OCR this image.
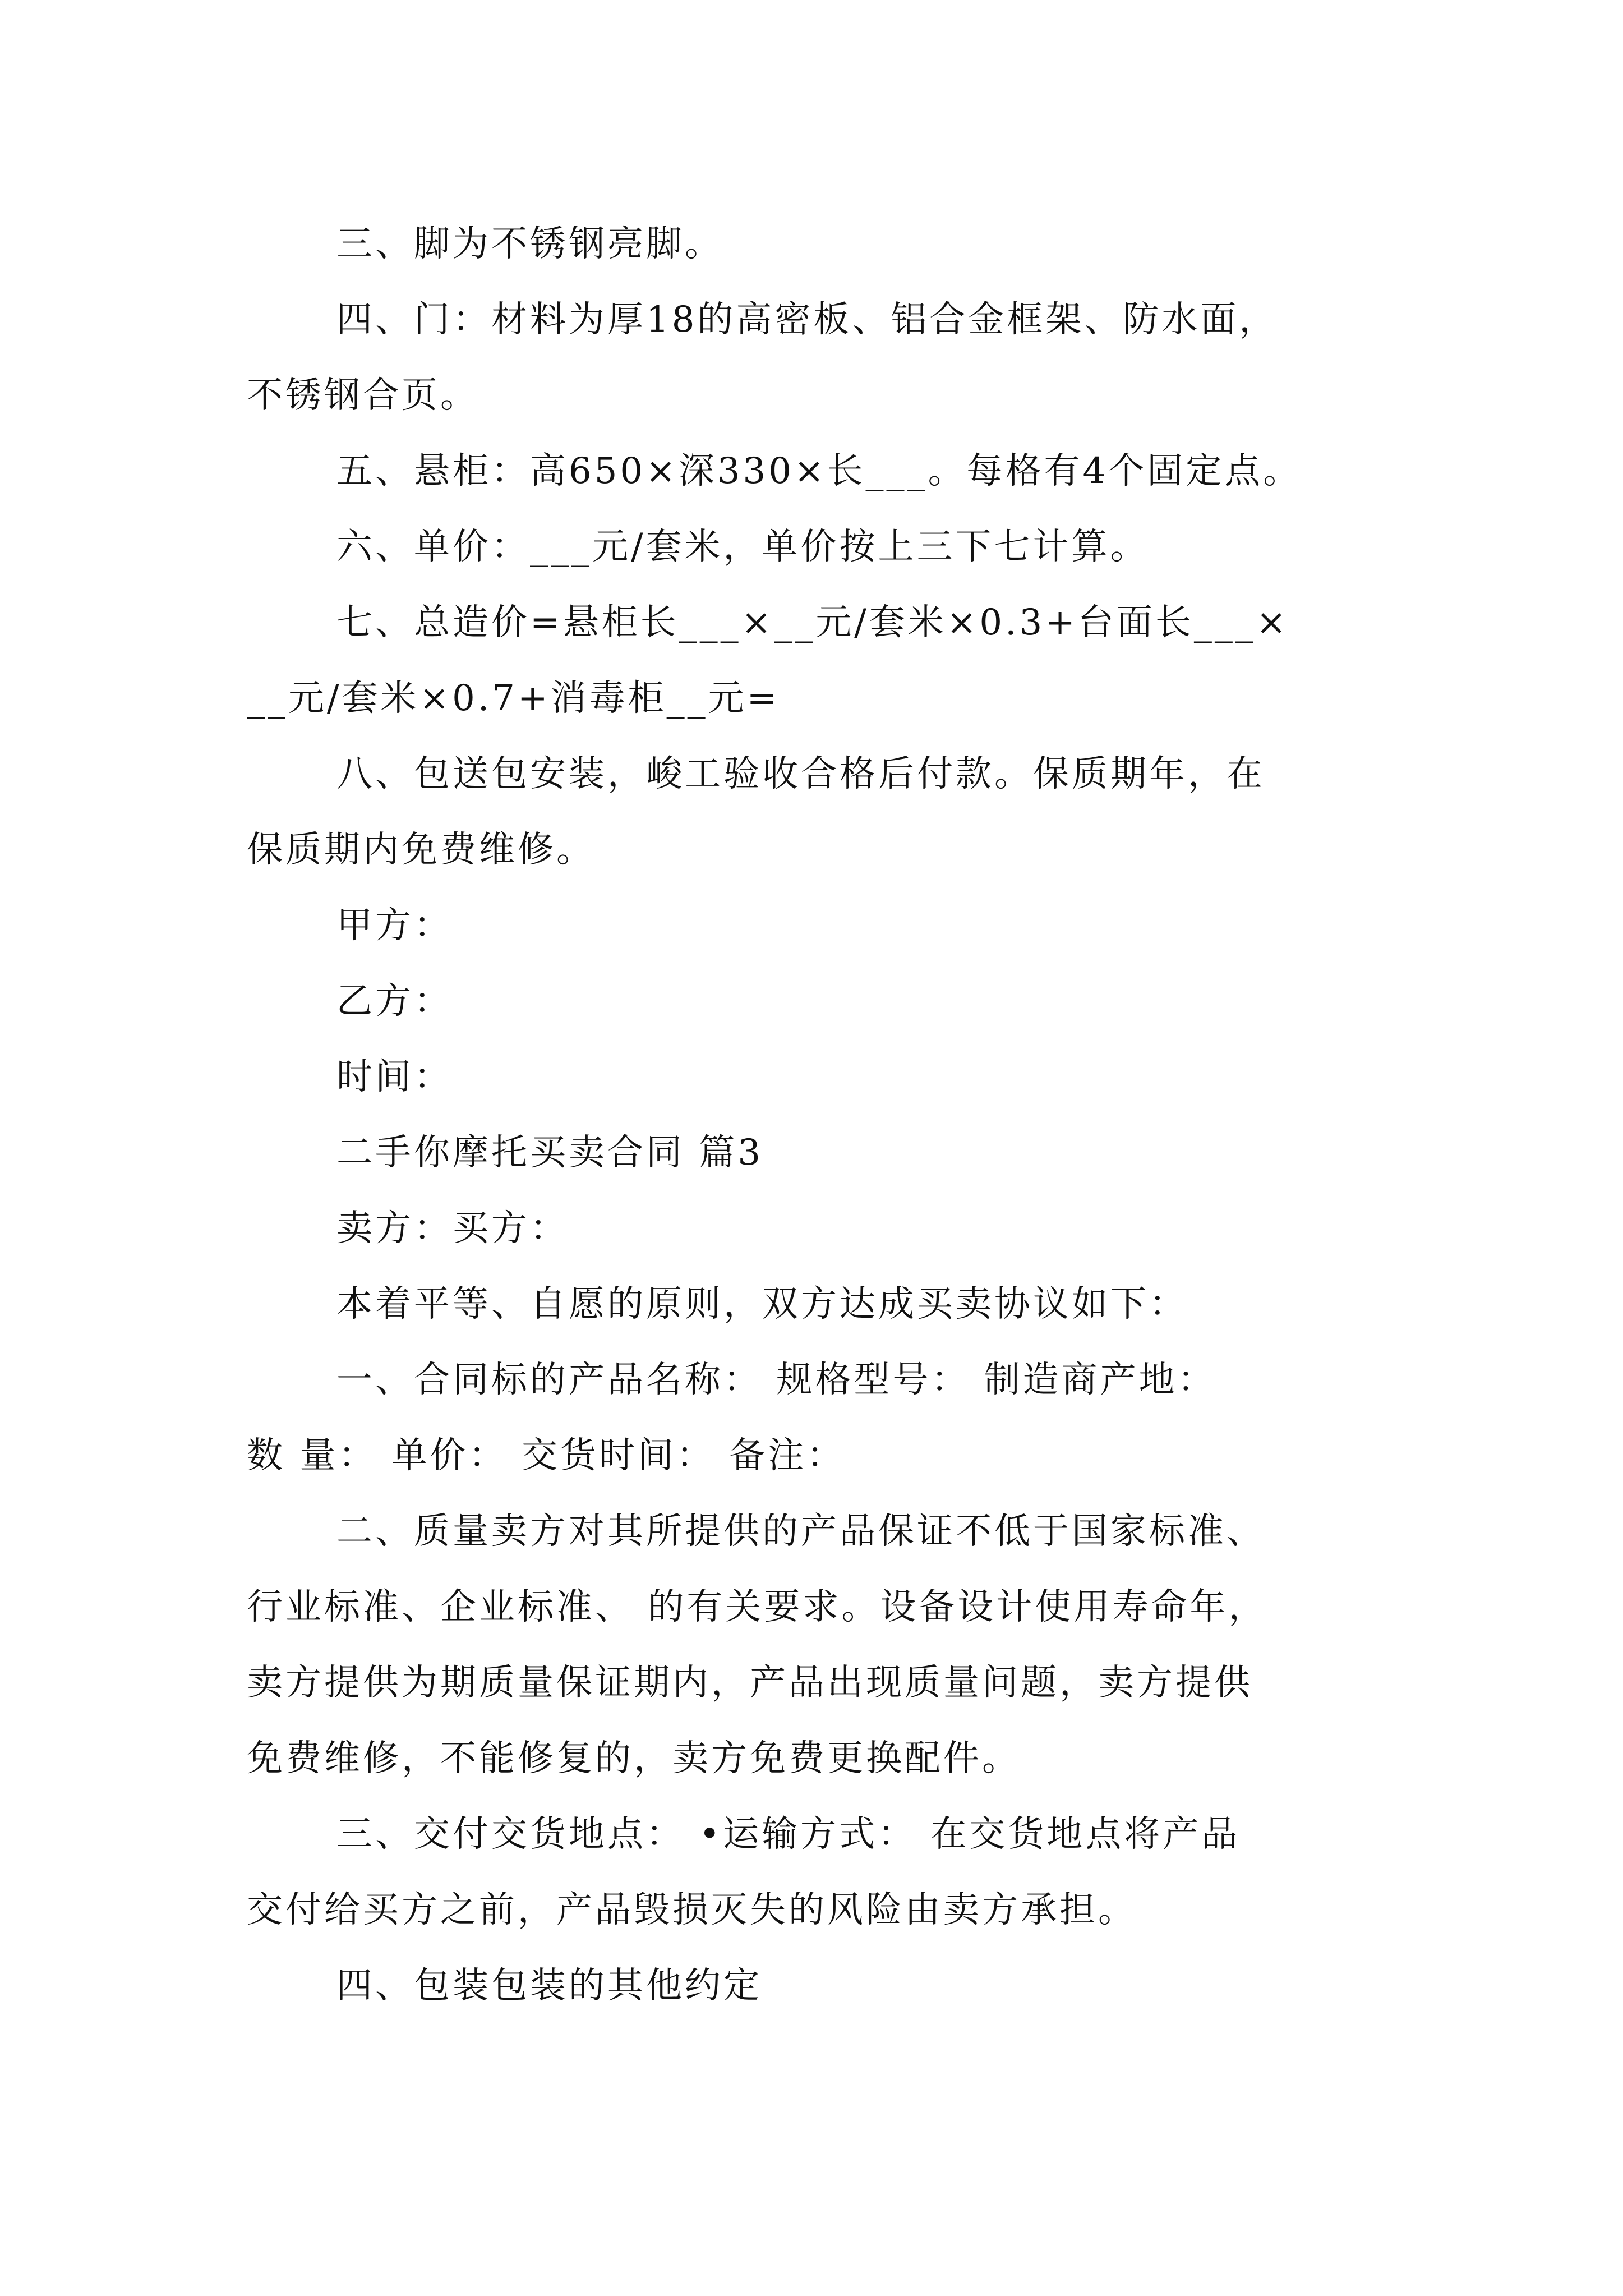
三、脚为不锈钢亮脚。
四、门：材料为厚18的高密板、铝合金框架、防水面，
不锈钢合页。
五、悬柜：高650×深330×长___。每格有4个固定点。
六、单价：___元/套米，单价按上三下七计算。
七、总造价=悬柜长___×__元/套米×0.3+台面长___×
__元/套米×0.7+消毒柜__元=
八、包送包安装，峻工验收合格后付款。保质期年，在
保质期内免费维修。
甲方：
乙方：
时间：
二手你摩托买卖合同 篇3
卖方：买方：
本着平等、自愿的原则，双方达成买卖协议如下：
一、合同标的产品名称： 规格型号： 制造商产地：
数 量： 单价： 交货时间： 备注：
二、质量卖方对其所提供的产品保证不低于国家标准、
行业标准、企业标准、 的有关要求。设备设计使用寿命年，
卖方提供为期质量保证期内，产品出现质量问题，卖方提供
免费维修，不能修复的，卖方免费更换配件。
三、交付交货地点： •运输方式： 在交货地点将产品
交付给买方之前，产品毁损灭失的风险由卖方承担。
四、包装包装的其他约定
